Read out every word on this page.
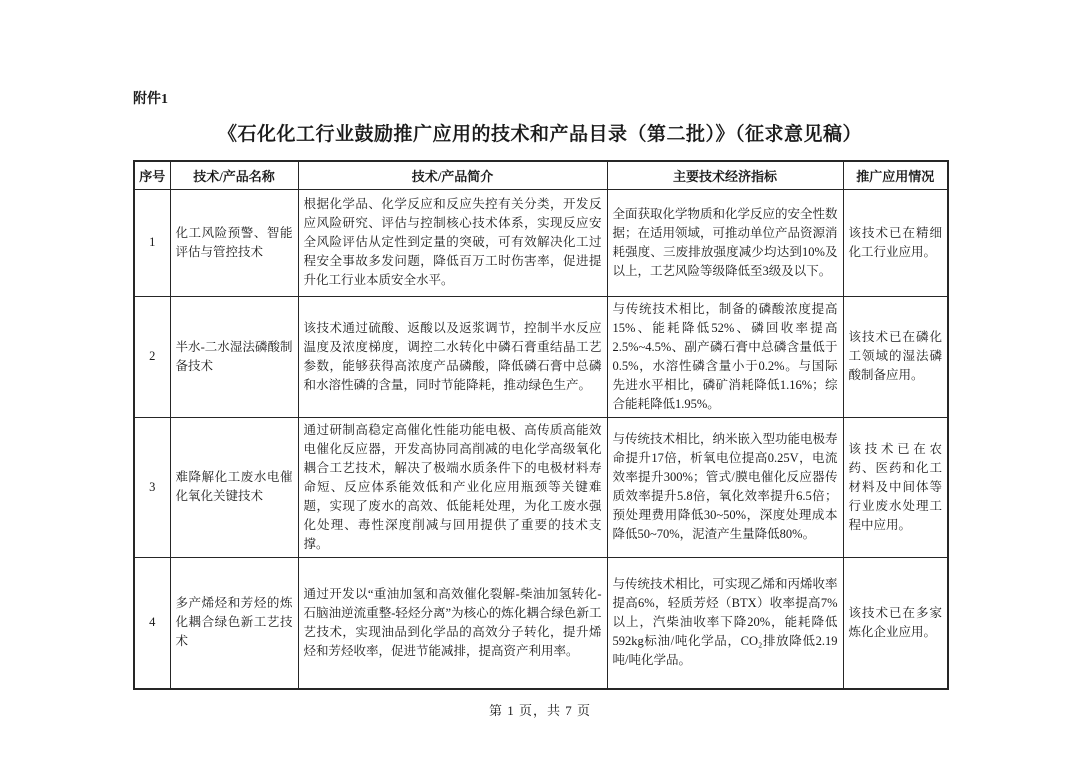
附件1
《石化化工行业鼓励推广应用的技术和产品目录（第二批）》（征求意见稿）
序号	技术/产品名称	技术/产品简介	主要技术经济指标	推广应用情况
1	化工风险预警、智能评估与管控技术	根据化学品、化学反应和反应失控有关分类，开发反应风险研究、评估与控制核心技术体系，实现反应安全风险评估从定性到定量的突破，可有效解决化工过程安全事故多发问题，降低百万工时伤害率，促进提升化工行业本质安全水平。	全面获取化学物质和化学反应的安全性数据；在适用领域，可推动单位产品资源消耗强度、三废排放强度减少均达到10%及以上，工艺风险等级降低至3级及以下。	该技术已在精细化工行业应用。
2	半水-二水湿法磷酸制备技术	该技术通过硫酸、返酸以及返浆调节，控制半水反应温度及浓度梯度，调控二水转化中磷石膏重结晶工艺参数，能够获得高浓度产品磷酸，降低磷石膏中总磷和水溶性磷的含量，同时节能降耗，推动绿色生产。	与传统技术相比，制备的磷酸浓度提高15%、能耗降低52%、磷回收率提高2.5%~4.5%、副产磷石膏中总磷含量低于0.5%，水溶性磷含量小于0.2%。与国际先进水平相比，磷矿消耗降低1.16%；综合能耗降低1.95%。	该技术已在磷化工领域的湿法磷酸制备应用。
3	难降解化工废水电催化氧化关键技术	通过研制高稳定高催化性能功能电极、高传质高能效电催化反应器，开发高协同高削减的电化学高级氧化耦合工艺技术，解决了极端水质条件下的电极材料寿命短、反应体系能效低和产业化应用瓶颈等关键难题，实现了废水的高效、低能耗处理，为化工废水强化处理、毒性深度削减与回用提供了重要的技术支撑。	与传统技术相比，纳米嵌入型功能电极寿命提升17倍，析氧电位提高0.25V，电流效率提升300%；管式/膜电催化反应器传质效率提升5.8倍，氧化效率提升6.5倍；预处理费用降低30~50%，深度处理成本降低50~70%，泥渣产生量降低80%。	该技术已在农药、医药和化工材料及中间体等行业废水处理工程中应用。
4	多产烯烃和芳烃的炼化耦合绿色新工艺技术	通过开发以“重油加氢和高效催化裂解-柴油加氢转化-石脑油逆流重整-轻烃分离”为核心的炼化耦合绿色新工艺技术，实现油品到化学品的高效分子转化，提升烯烃和芳烃收率，促进节能减排，提高资产利用率。	与传统技术相比，可实现乙烯和丙烯收率提高6%，轻质芳烃（BTX）收率提高7%以上，汽柴油收率下降20%，能耗降低592kg标油/吨化学品，CO₂排放降低2.19吨/吨化学品。	该技术已在多家炼化企业应用。
第 1 页，共 7 页
